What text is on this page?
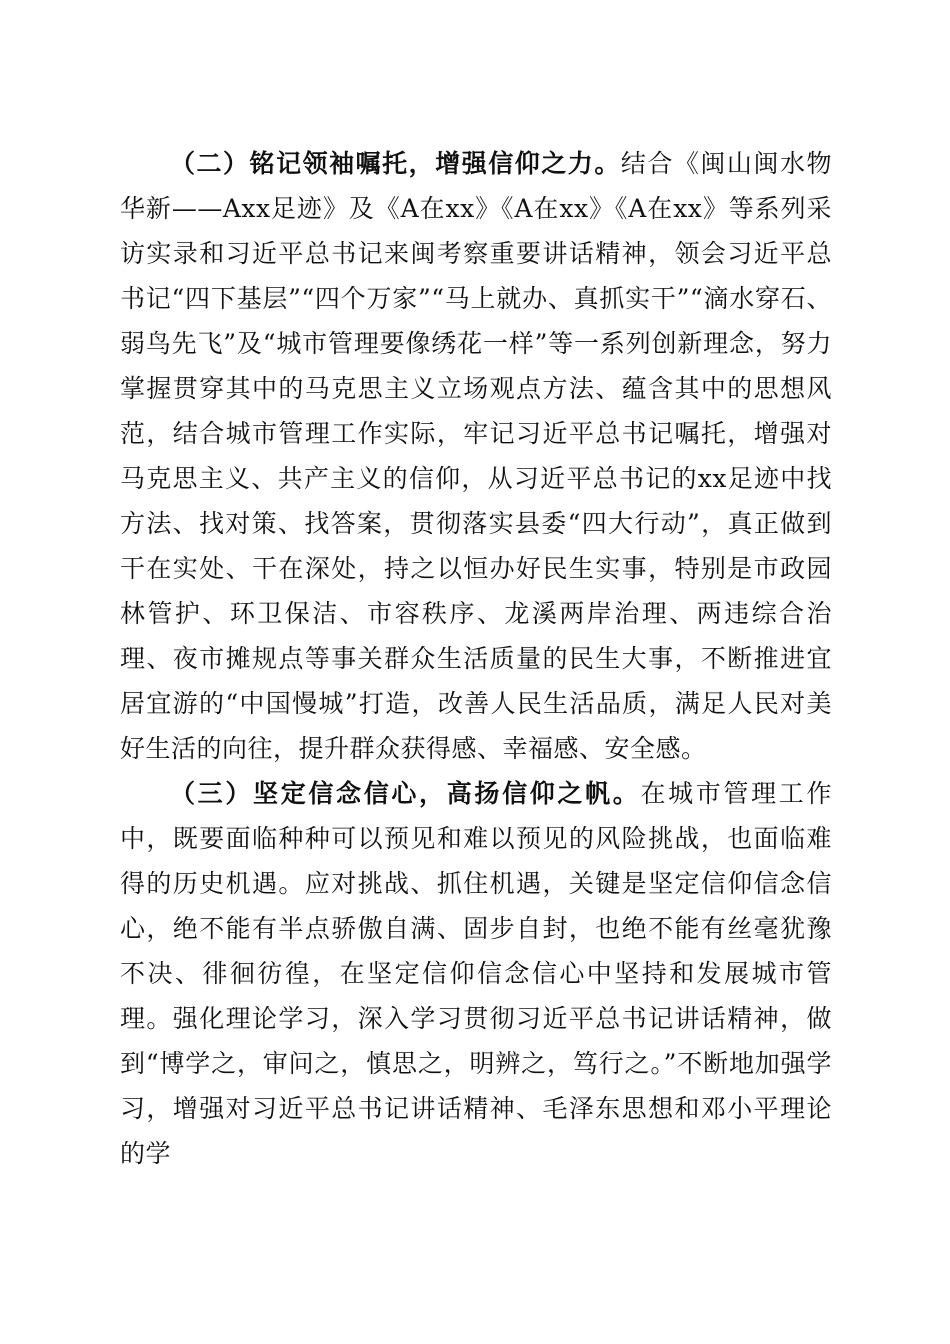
（二）铭记领袖嘱托，增强信仰之力。结合《闽山闽水物华新——Axx足迹》及《A在xx》《A在xx》《A在xx》等系列采访实录和习近平总书记来闽考察重要讲话精神，领会习近平总书记“四下基层”“四个万家”“马上就办、真抓实干”“滴水穿石、弱鸟先飞”及“城市管理要像绣花一样”等一系列创新理念，努力掌握贯穿其中的马克思主义立场观点方法、蕴含其中的思想风范，结合城市管理工作实际，牢记习近平总书记嘱托，增强对马克思主义、共产主义的信仰，从习近平总书记的xx足迹中找方法、找对策、找答案，贯彻落实县委“四大行动”，真正做到干在实处、干在深处，持之以恒办好民生实事，特别是市政园林管护、环卫保洁、市容秩序、龙溪两岸治理、两违综合治理、夜市摊规点等事关群众生活质量的民生大事，不断推进宜居宜游的“中国慢城”打造，改善人民生活品质，满足人民对美好生活的向往，提升群众获得感、幸福感、安全感。

（三）坚定信念信心，高扬信仰之帆。在城市管理工作中，既要面临种种可以预见和难以预见的风险挑战，也面临难得的历史机遇。应对挑战、抓住机遇，关键是坚定信仰信念信心，绝不能有半点骄傲自满、固步自封，也绝不能有丝毫犹豫不决、徘徊彷徨，在坚定信仰信念信心中坚持和发展城市管理。强化理论学习，深入学习贯彻习近平总书记讲话精神，做到“博学之，审问之，慎思之，明辨之，笃行之。”不断地加强学习，增强对习近平总书记讲话精神、毛泽东思想和邓小平理论的学
